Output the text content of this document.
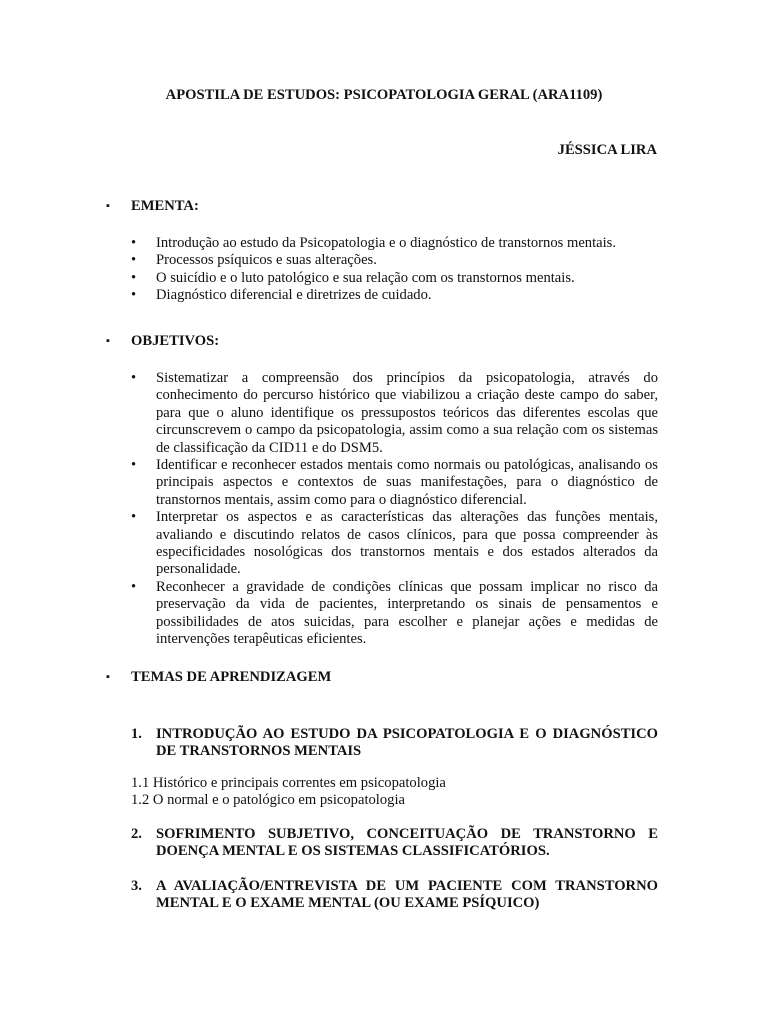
APOSTILA DE ESTUDOS: PSICOPATOLOGIA GERAL (ARA1109)
JÉSSICA LIRA
▪ EMENTA:
• Introdução ao estudo da Psicopatologia e o diagnóstico de transtornos mentais.
• Processos psíquicos e suas alterações.
• O suicídio e o luto patológico e sua relação com os transtornos mentais.
• Diagnóstico diferencial e diretrizes de cuidado.
▪ OBJETIVOS:
• Sistematizar a compreensão dos princípios da psicopatologia, através do conhecimento do percurso histórico que viabilizou a criação deste campo do saber, para que o aluno identifique os pressupostos teóricos das diferentes escolas que circunscrevem o campo da psicopatologia, assim como a sua relação com os sistemas de classificação da CID11 e do DSM5.
• Identificar e reconhecer estados mentais como normais ou patológicas, analisando os principais aspectos e contextos de suas manifestações, para o diagnóstico de transtornos mentais, assim como para o diagnóstico diferencial.
• Interpretar os aspectos e as características das alterações das funções mentais, avaliando e discutindo relatos de casos clínicos, para que possa compreender às especificidades nosológicas dos transtornos mentais e dos estados alterados da personalidade.
• Reconhecer a gravidade de condições clínicas que possam implicar no risco da preservação da vida de pacientes, interpretando os sinais de pensamentos e possibilidades de atos suicidas, para escolher e planejar ações e medidas de intervenções terapêuticas eficientes.
▪ TEMAS DE APRENDIZAGEM
1. INTRODUÇÃO AO ESTUDO DA PSICOPATOLOGIA E O DIAGNÓSTICO DE TRANSTORNOS MENTAIS
1.1 Histórico e principais correntes em psicopatologia
1.2 O normal e o patológico em psicopatologia
2. SOFRIMENTO SUBJETIVO, CONCEITUAÇÃO DE TRANSTORNO E DOENÇA MENTAL E OS SISTEMAS CLASSIFICATÓRIOS.
3. A AVALIAÇÃO/ENTREVISTA DE UM PACIENTE COM TRANSTORNO MENTAL E O EXAME MENTAL (OU EXAME PSÍQUICO)
